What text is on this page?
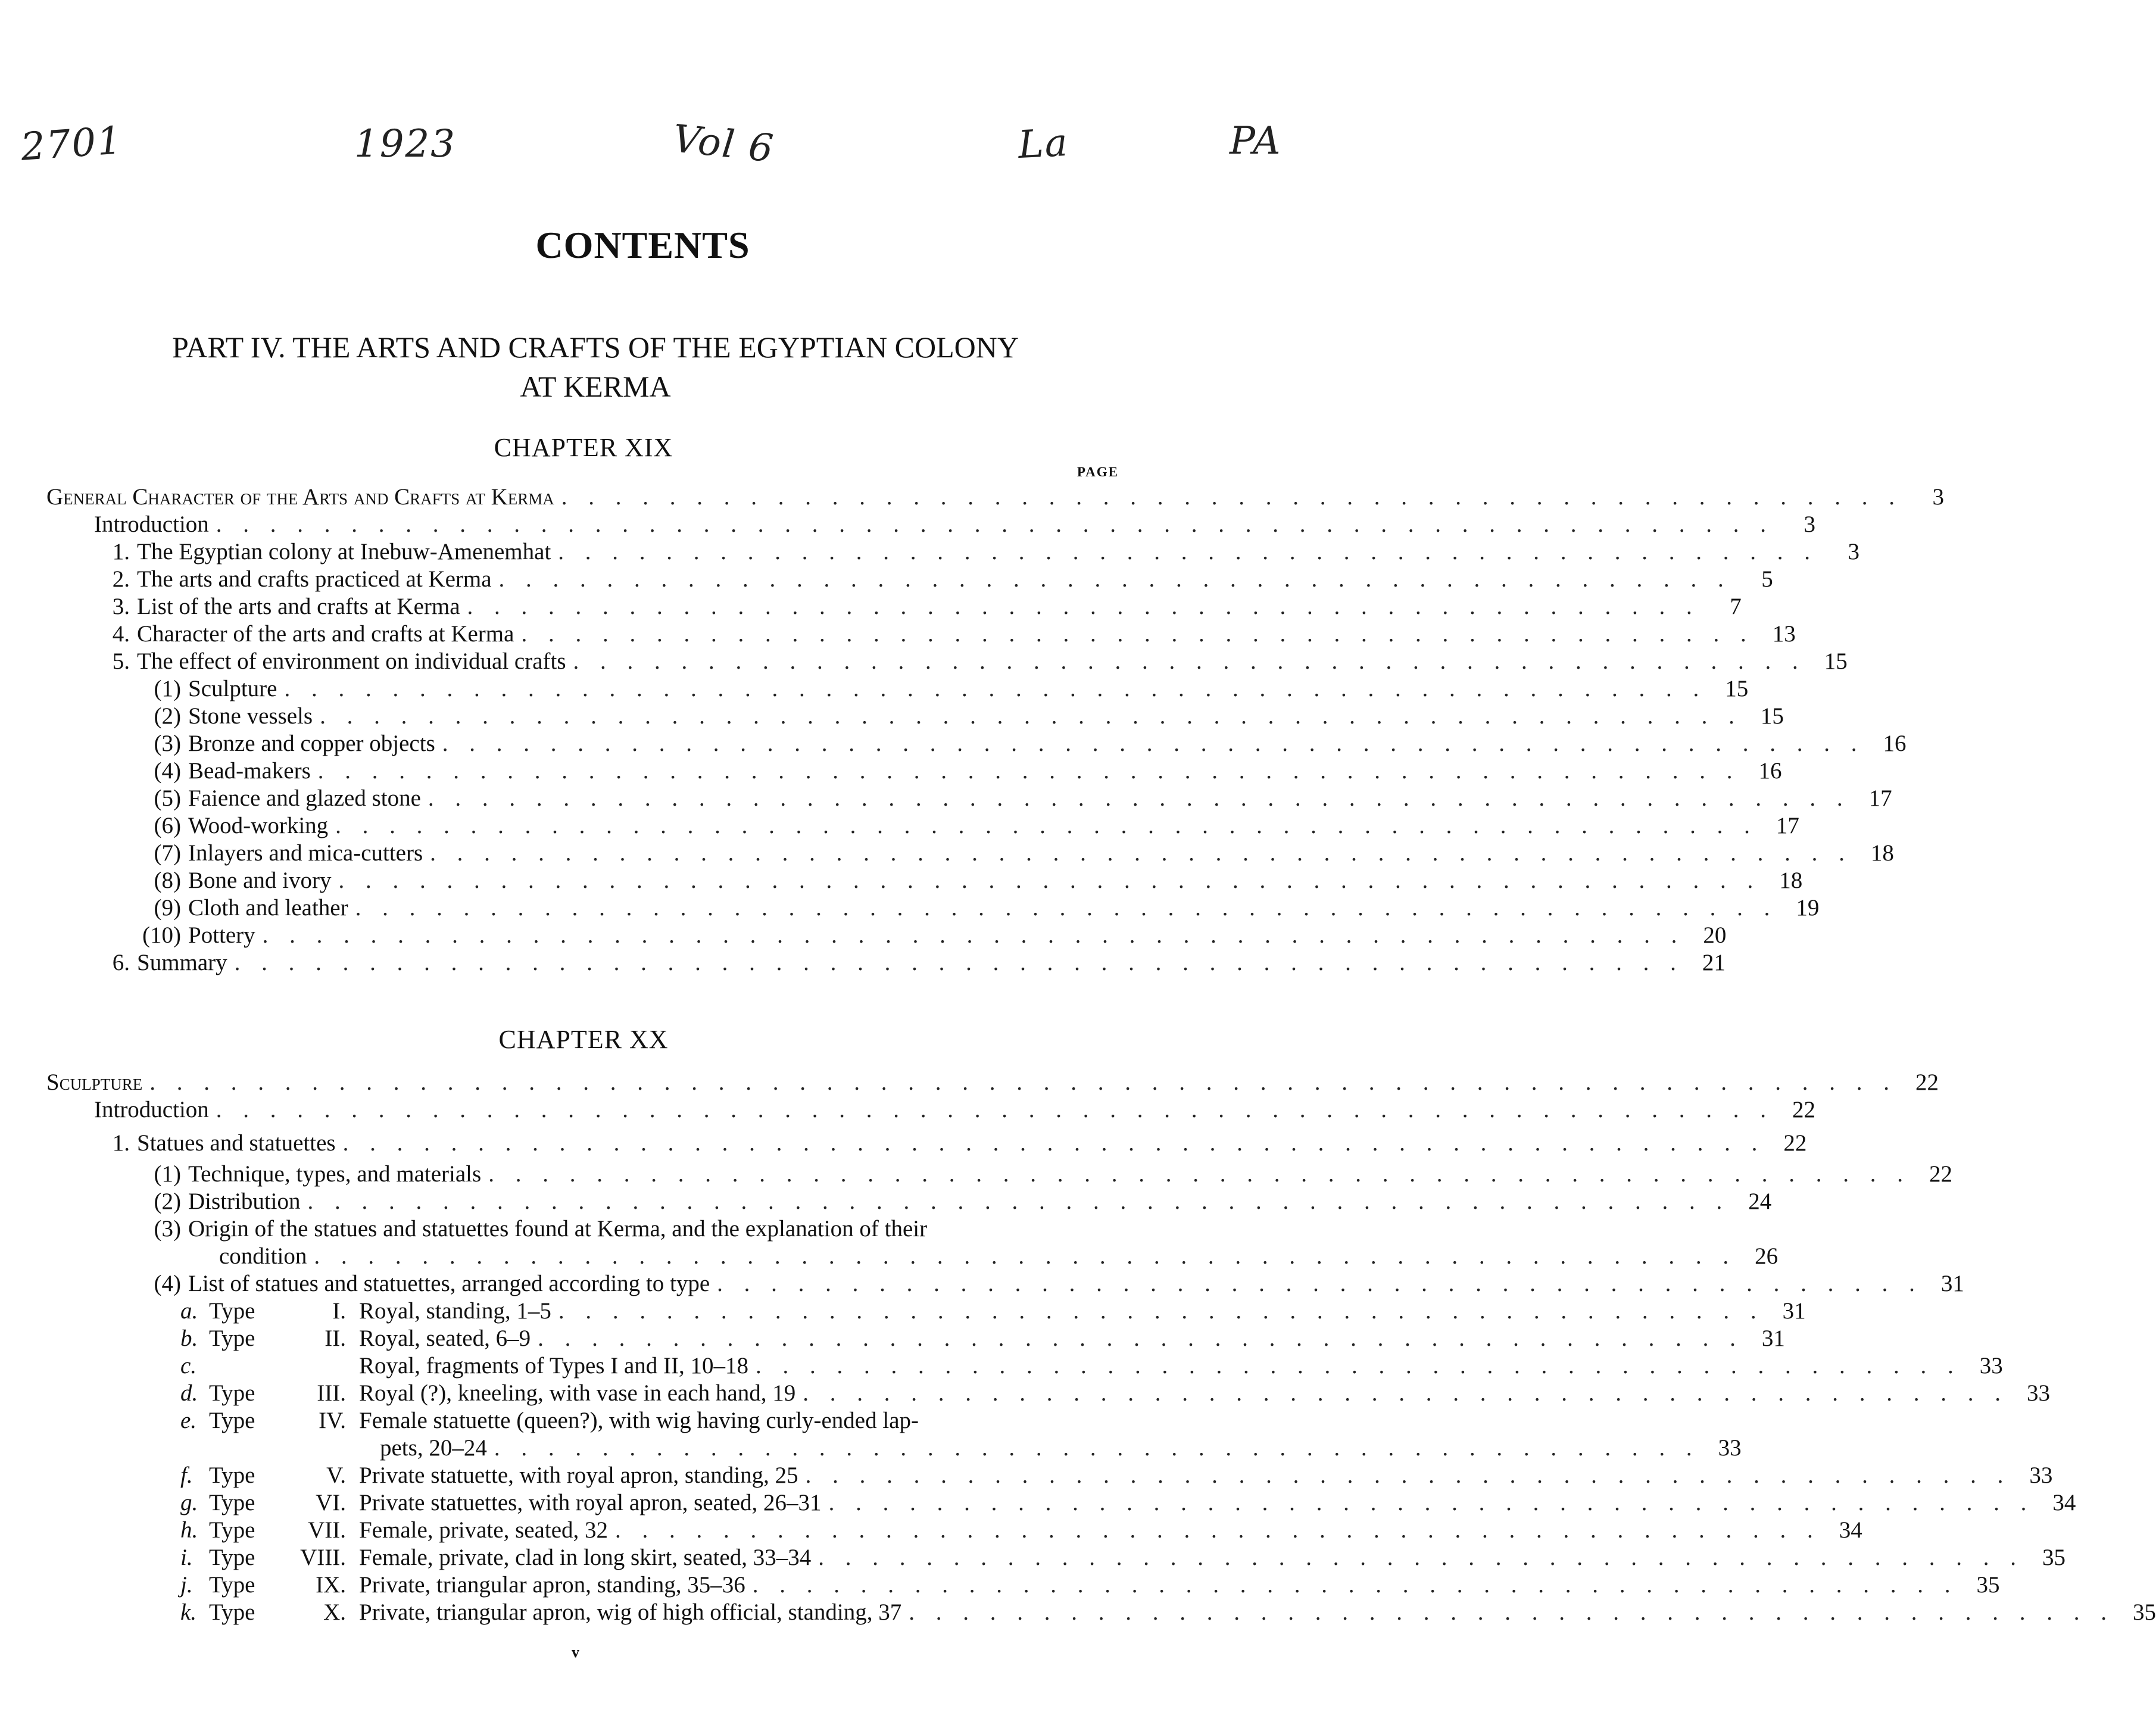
2701	1923	Vol 6	La	PA
CONTENTS
PART IV. THE ARTS AND CRAFTS OF THE EGYPTIAN COLONY
AT KERMA
CHAPTER XIX
PAGE
General Character of the Arts and Crafts at Kerma . . . . . . . . . . . . . . . . . . . . . . . . . . . . . . . . . . . . . . . . . . . . . . . . . .	3
Introduction . . . . . . . . . . . . . . . . . . . . . . . . . . . . . . . . . . . . . . . . . . . . . . . . . . . . . . . . . .	3
1. The Egyptian colony at Inebuw-Amenemhat . . . . . . . . . . . . . . . . . . . . . . . . . . . . . . . . . . . . . . . . . . . . . . .	3
2. The arts and crafts practiced at Kerma . . . . . . . . . . . . . . . . . . . . . . . . . . . . . . . . . . . . . . . . . . . . . .	5
3. List of the arts and crafts at Kerma . . . . . . . . . . . . . . . . . . . . . . . . . . . . . . . . . . . . . . . . . . . . . .	7
4. Character of the arts and crafts at Kerma . . . . . . . . . . . . . . . . . . . . . . . . . . . . . . . . . . . . . . . . . . . . . . 13
5. The effect of environment on individual crafts . . . . . . . . . . . . . . . . . . . . . . . . . . . . . . . . . . . . . . . . . . . . . . 15
(1) Sculpture . . . . . . . . . . . . . . . . . . . . . . . . . . . . . . . . . . . . . . . . . . . . . . . . . . . . . 15
(2) Stone vessels . . . . . . . . . . . . . . . . . . . . . . . . . . . . . . . . . . . . . . . . . . . . . . . . . . . . . 15
(3) Bronze and copper objects . . . . . . . . . . . . . . . . . . . . . . . . . . . . . . . . . . . . . . . . . . . . . . . . . . . . . 16
(4) Bead-makers . . . . . . . . . . . . . . . . . . . . . . . . . . . . . . . . . . . . . . . . . . . . . . . . . . . . . 16
(5) Faience and glazed stone . . . . . . . . . . . . . . . . . . . . . . . . . . . . . . . . . . . . . . . . . . . . . . . . . . . . . 17
(6) Wood-working . . . . . . . . . . . . . . . . . . . . . . . . . . . . . . . . . . . . . . . . . . . . . . . . . . . . . 17
(7) Inlayers and mica-cutters . . . . . . . . . . . . . . . . . . . . . . . . . . . . . . . . . . . . . . . . . . . . . . . . . . . . . 18
(8) Bone and ivory . . . . . . . . . . . . . . . . . . . . . . . . . . . . . . . . . . . . . . . . . . . . . . . . . . . . . 18
(9) Cloth and leather . . . . . . . . . . . . . . . . . . . . . . . . . . . . . . . . . . . . . . . . . . . . . . . . . . . . . 19
(10) Pottery . . . . . . . . . . . . . . . . . . . . . . . . . . . . . . . . . . . . . . . . . . . . . . . . . . . . . 20
6. Summary . . . . . . . . . . . . . . . . . . . . . . . . . . . . . . . . . . . . . . . . . . . . . . . . . . . . . . 21
CHAPTER XX
Sculpture . . . . . . . . . . . . . . . . . . . . . . . . . . . . . . . . . . . . . . . . . . . . . . . . . . . . . . . . . . . . . . . . . 22
Introduction . . . . . . . . . . . . . . . . . . . . . . . . . . . . . . . . . . . . . . . . . . . . . . . . . . . . . . . . . . 22
1. Statues and statuettes . . . . . . . . . . . . . . . . . . . . . . . . . . . . . . . . . . . . . . . . . . . . . . . . . . . . . 22
(1) Technique, types, and materials . . . . . . . . . . . . . . . . . . . . . . . . . . . . . . . . . . . . . . . . . . . . . . . . . . . . . 22
(2) Distribution . . . . . . . . . . . . . . . . . . . . . . . . . . . . . . . . . . . . . . . . . . . . . . . . . . . . . 24
(3) Origin of the statues and statuettes found at Kerma, and the explanation of their
condition . . . . . . . . . . . . . . . . . . . . . . . . . . . . . . . . . . . . . . . . . . . . . . . . . . . . . 26
(4) List of statues and statuettes, arranged according to type . . . . . . . . . . . . . . . . . . . . . . . . . . . . . . . . . . . . . . . . . . . . . 31
a. Type	I. Royal, standing, 1–5 . . . . . . . . . . . . . . . . . . . . . . . . . . . . . . . . . . . . . . . . . . . . . 31
b. Type	II. Royal, seated, 6–9 . . . . . . . . . . . . . . . . . . . . . . . . . . . . . . . . . . . . . . . . . . . . . 31
c.	Royal, fragments of Types I and II, 10–18 . . . . . . . . . . . . . . . . . . . . . . . . . . . . . . . . . . . . . . . . . . . . . 33
d. Type	III. Royal (?), kneeling, with vase in each hand, 19 . . . . . . . . . . . . . . . . . . . . . . . . . . . . . . . . . . . . . . . . . . . . . 33
e. Type	IV. Female statuette (queen?), with wig having curly-ended lap-
pets, 20–24 . . . . . . . . . . . . . . . . . . . . . . . . . . . . . . . . . . . . . . . . . . . . . 33
f. Type	V. Private statuette, with royal apron, standing, 25 . . . . . . . . . . . . . . . . . . . . . . . . . . . . . . . . . . . . . . . . . . . . . 33
g. Type	VI. Private statuettes, with royal apron, seated, 26–31 . . . . . . . . . . . . . . . . . . . . . . . . . . . . . . . . . . . . . . . . . . . . . 34
h. Type	VII. Female, private, seated, 32 . . . . . . . . . . . . . . . . . . . . . . . . . . . . . . . . . . . . . . . . . . . . . 34
i. Type	VIII. Female, private, clad in long skirt, seated, 33–34 . . . . . . . . . . . . . . . . . . . . . . . . . . . . . . . . . . . . . . . . . . . . . 35
j. Type	IX. Private, triangular apron, standing, 35–36 . . . . . . . . . . . . . . . . . . . . . . . . . . . . . . . . . . . . . . . . . . . . . 35
k. Type	X. Private, triangular apron, wig of high official, standing, 37 . . . . . . . . . . . . . . . . . . . . . . . . . . . . . . . . . . . . . . . . . . . . . 35
v
